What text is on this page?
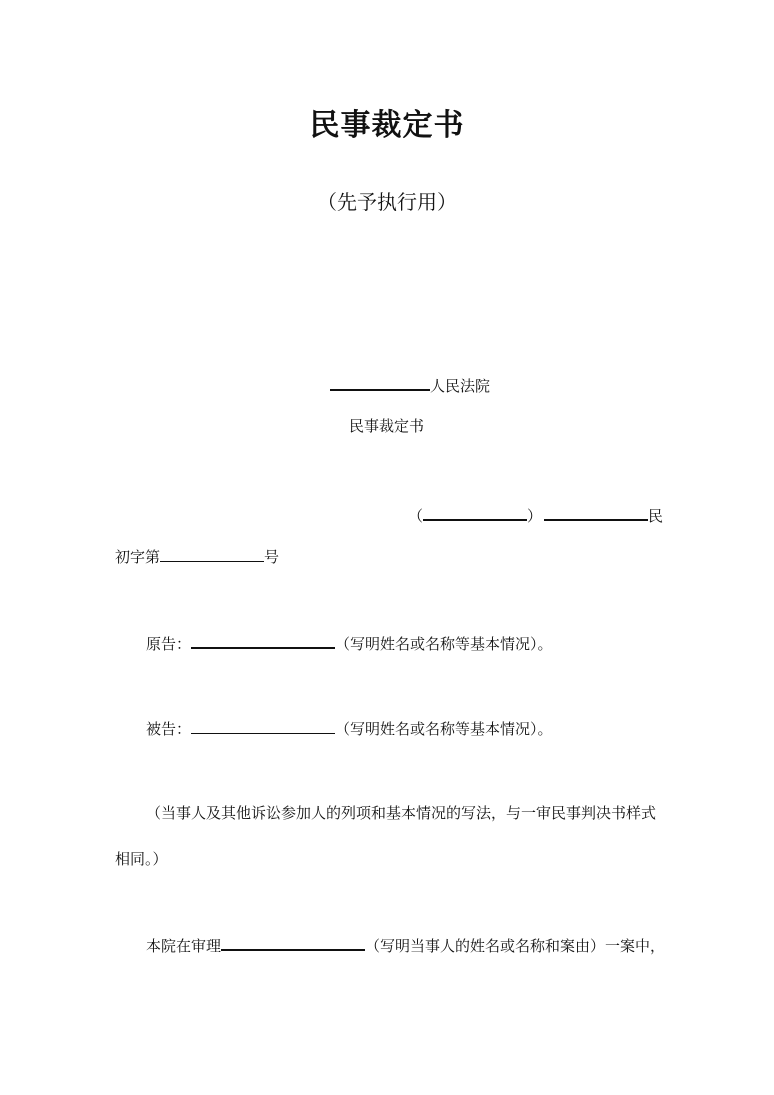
民事裁定书
（先予执行用）
人民法院
民事裁定书
（	）	民
初字第	号
原告：	（写明姓名或名称等基本情况）。
被告：	（写明姓名或名称等基本情况）。
（当事人及其他诉讼参加人的列项和基本情况的写法，与一审民事判决书样式
相同。）
本院在审理	（写明当事人的姓名或名称和案由）一案中，
